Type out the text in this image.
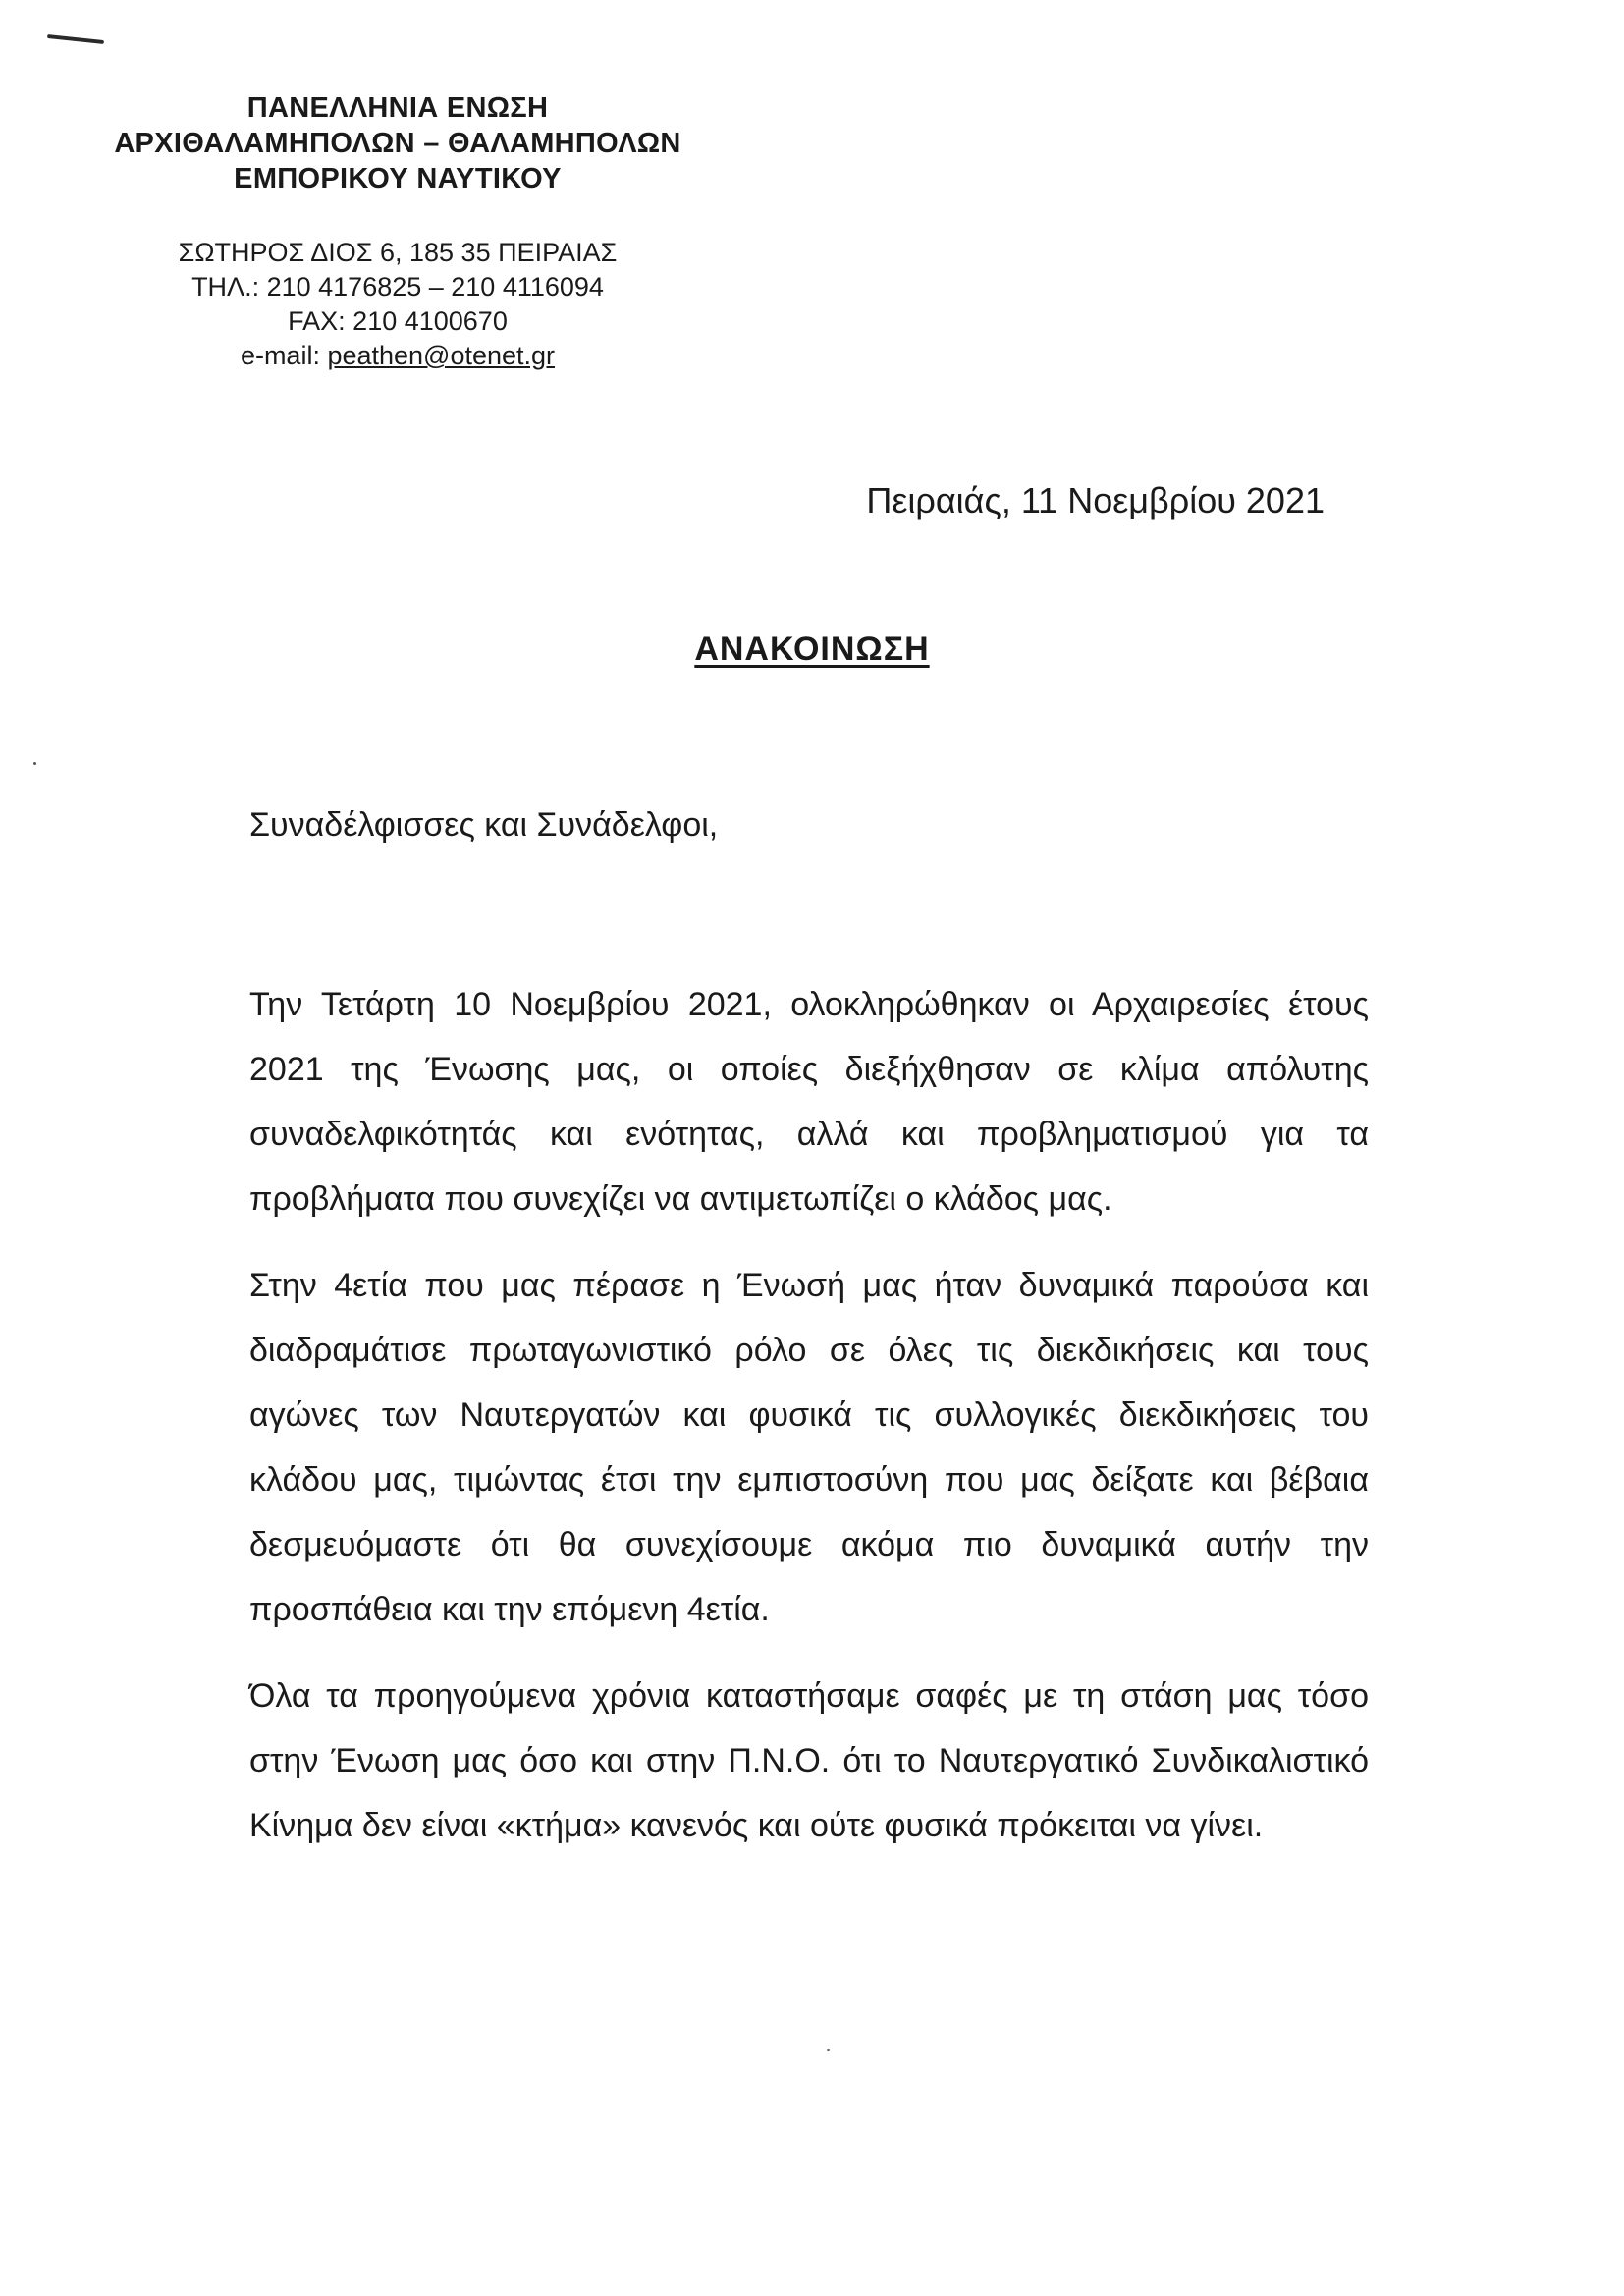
ΠΑΝΕΛΛΗΝΙΑ ΕΝΩΣΗ
ΑΡΧΙΘΑΛΑΜΗΠΟΛΩΝ – ΘΑΛΑΜΗΠΟΛΩΝ
ΕΜΠΟΡΙΚΟΥ ΝΑΥΤΙΚΟΥ
ΣΩΤΗΡΟΣ ΔΙΟΣ 6, 185 35 ΠΕΙΡΑΙΑΣ
ΤΗΛ.: 210 4176825 – 210 4116094
FAX: 210 4100670
e-mail: peathen@otenet.gr
Πειραιάς, 11 Νοεμβρίου 2021
ΑΝΑΚΟΙΝΩΣΗ
Συναδέλφισσες και Συνάδελφοι,

Την Τετάρτη 10 Νοεμβρίου 2021, ολοκληρώθηκαν οι Αρχαιρεσίες έτους 2021 της Ένωσης μας, οι οποίες διεξήχθησαν σε κλίμα απόλυτης συναδελφικότητάς και ενότητας, αλλά και προβληματισμού για τα προβλήματα που συνεχίζει να αντιμετωπίζει ο κλάδος μας.

Στην 4ετία που μας πέρασε η Ένωσή μας ήταν δυναμικά παρούσα και διαδραμάτισε πρωταγωνιστικό ρόλο σε όλες τις διεκδικήσεις και τους αγώνες των Ναυτεργατών και φυσικά τις συλλογικές διεκδικήσεις του κλάδου μας, τιμώντας έτσι την εμπιστοσύνη που μας δείξατε και βέβαια δεσμευόμαστε ότι θα συνεχίσουμε ακόμα πιο δυναμικά αυτήν την προσπάθεια και την επόμενη 4ετία.

Όλα τα προηγούμενα χρόνια καταστήσαμε σαφές με τη στάση μας τόσο στην Ένωση μας όσο και στην Π.Ν.Ο. ότι το Ναυτεργατικό Συνδικαλιστικό Κίνημα δεν είναι «κτήμα» κανενός και ούτε φυσικά πρόκειται να γίνει.
